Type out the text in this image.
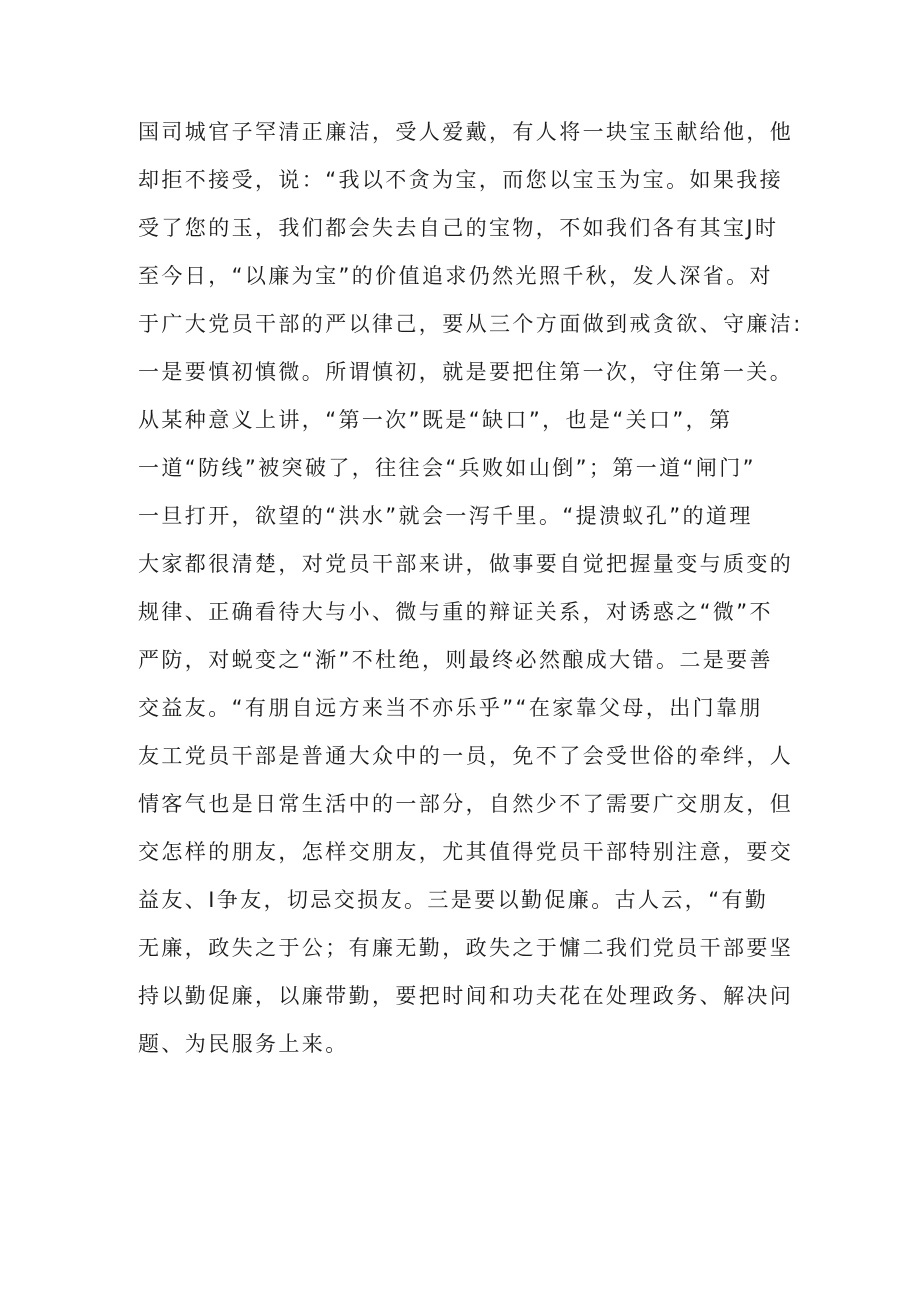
国司城官子罕清正廉洁，受人爱戴，有人将一块宝玉献给他，他
却拒不接受，说：“我以不贪为宝，而您以宝玉为宝。如果我接
受了您的玉，我们都会失去自己的宝物，不如我们各有其宝J时
至今日，“以廉为宝”的价值追求仍然光照千秋，发人深省。对
于广大党员干部的严以律己，要从三个方面做到戒贪欲、守廉洁:
一是要慎初慎微。所谓慎初，就是要把住第一次，守住第一关。
从某种意义上讲，“第一次”既是“缺口”，也是“关口”，第
一道“防线”被突破了，往往会“兵败如山倒”；第一道“闸门”
一旦打开，欲望的“洪水”就会一泻千里。“提溃蚁孔”的道理
大家都很清楚，对党员干部来讲，做事要自觉把握量变与质变的
规律、正确看待大与小、微与重的辩证关系，对诱惑之“微”不
严防，对蜕变之“渐”不杜绝，则最终必然酿成大错。二是要善
交益友。“有朋自远方来当不亦乐乎”“在家靠父母，出门靠朋
友工党员干部是普通大众中的一员，免不了会受世俗的牵绊，人
情客气也是日常生活中的一部分，自然少不了需要广交朋友，但
交怎样的朋友，怎样交朋友，尤其值得党员干部特别注意，要交
益友、I争友，切忌交损友。三是要以勤促廉。古人云，“有勤
无廉，政失之于公；有廉无勤，政失之于慵二我们党员干部要坚
持以勤促廉，以廉带勤，要把时间和功夫花在处理政务、解决问
题、为民服务上来。
